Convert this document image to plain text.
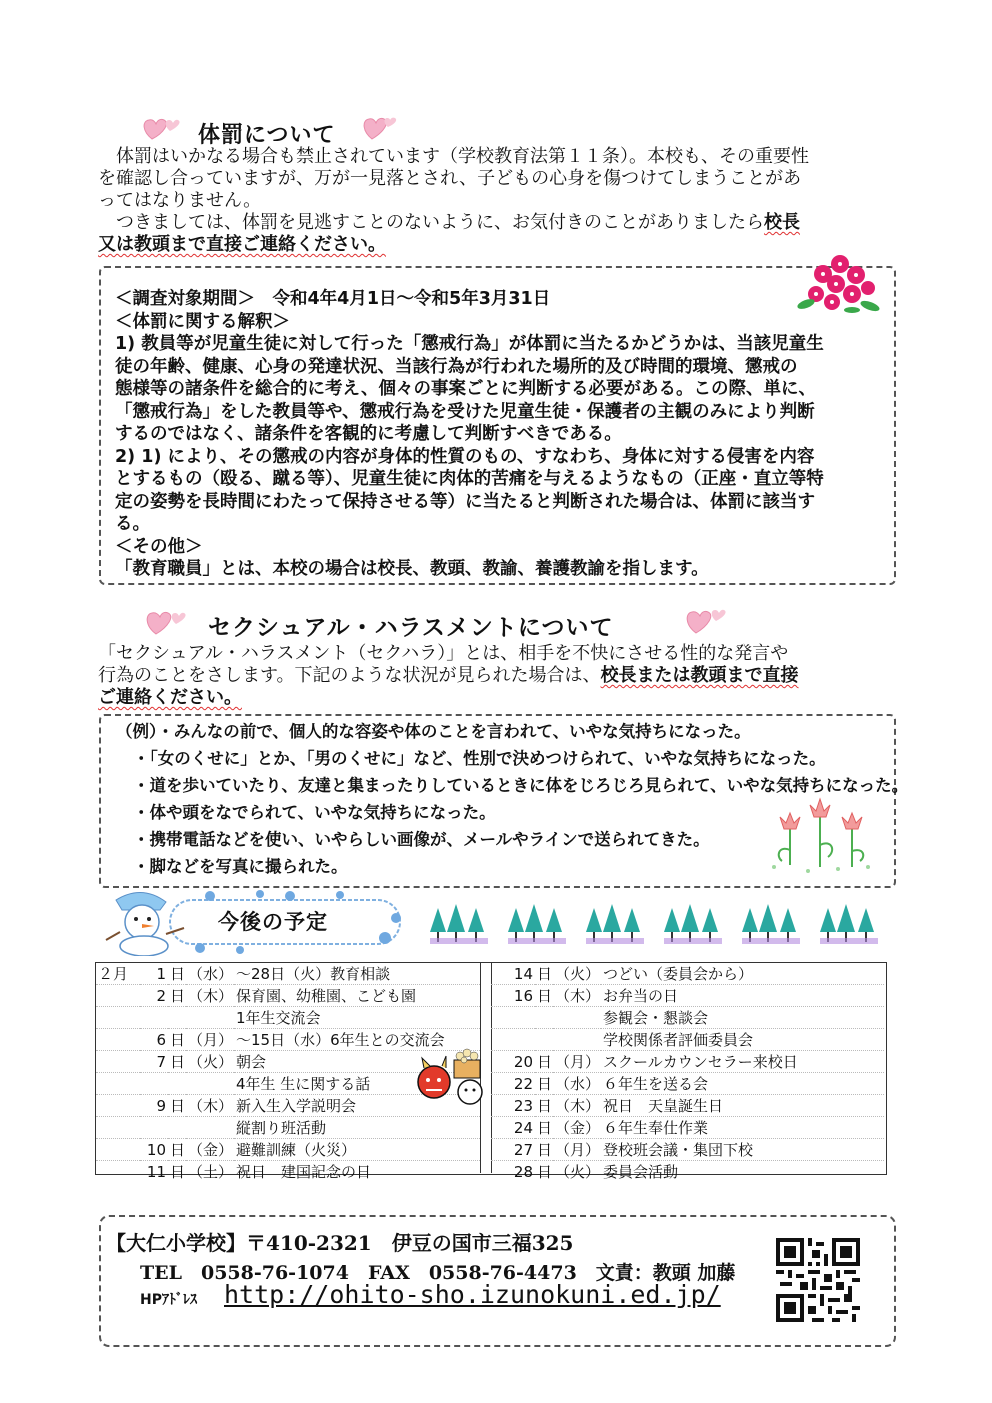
体罰について
　体罰はいかなる場合も禁止されています（学校教育法第１１条）。本校も、その重要性
を確認し合っていますが、万が一見落とされ、子どもの心身を傷つけてしまうことがあ
ってはなりません。
　つきましては、体罰を見逃すことのないように、お気付きのことがありましたら校長
又は教頭まで直接ご連絡ください。
＜調査対象期間＞　令和4年4月1日～令和5年3月31日
＜体罰に関する解釈＞
1) 教員等が児童生徒に対して行った「懲戒行為」が体罰に当たるかどうかは、当該児童生
徒の年齢、健康、心身の発達状況、当該行為が行われた場所的及び時間的環境、懲戒の
態様等の諸条件を総合的に考え、個々の事案ごとに判断する必要がある。この際、単に、
「懲戒行為」をした教員等や、懲戒行為を受けた児童生徒・保護者の主観のみにより判断
するのではなく、諸条件を客観的に考慮して判断すべきである。
2) 1) により、その懲戒の内容が身体的性質のもの、すなわち、身体に対する侵害を内容
とするもの（殴る、蹴る等）、児童生徒に肉体的苦痛を与えるようなもの（正座・直立等特
定の姿勢を長時間にわたって保持させる等）に当たると判断された場合は、体罰に該当す
る。
＜その他＞
「教育職員」とは、本校の場合は校長、教頭、教諭、養護教諭を指します。
セクシュアル・ハラスメントについて
「セクシュアル・ハラスメント（セクハラ）」とは、相手を不快にさせる性的な発言や
行為のことをさします。下記のような状況が見られた場合は、校長または教頭まで直接
ご連絡ください。
（例）・みんなの前で、個人的な容姿や体のことを言われて、いやな気持ちになった。
・「女のくせに」とか、「男のくせに」など、性別で決めつけられて、いやな気持ちになった。
・道を歩いていたり、友達と集まったりしているときに体をじろじろ見られて、いやな気持ちになった。
・体や頭をなでられて、いやな気持ちになった。
・携帯電話などを使い、いやらしい画像が、メールやラインで送られてきた。
・脚などを写真に撮られた。
今後の予定
２月	1	日	（水）	～28日（火）教育相談
	2	日	（木）	保育園、幼稚園、こども園
				1年生交流会
	6	日	（月）	～15日（水）6年生との交流会
	7	日	（火）	朝会
				4年生 生に関する話
	9	日	（木）	新入生入学説明会
				縦割り班活動
	10	日	（金）	避難訓練（火災）
	11	日	（土）	祝日　建国記念の日
14	日	（火）	つどい（委員会から）
16	日	（木）	お弁当の日
			参観会・懇談会
			学校関係者評価委員会
20	日	（月）	スクールカウンセラー来校日
22	日	（水）	６年生を送る会
23	日	（木）	祝日　天皇誕生日
24	日	（金）	６年生奉仕作業
27	日	（月）	登校班会議・集団下校
28	日	（火）	委員会活動
【大仁小学校】〒410-2321　伊豆の国市三福325
TEL　0558-76-1074　FAX　0558-76-4473　文責：教頭 加藤
HPｱﾄﾞﾚｽ http://ohito-sho.izunokuni.ed.jp/
